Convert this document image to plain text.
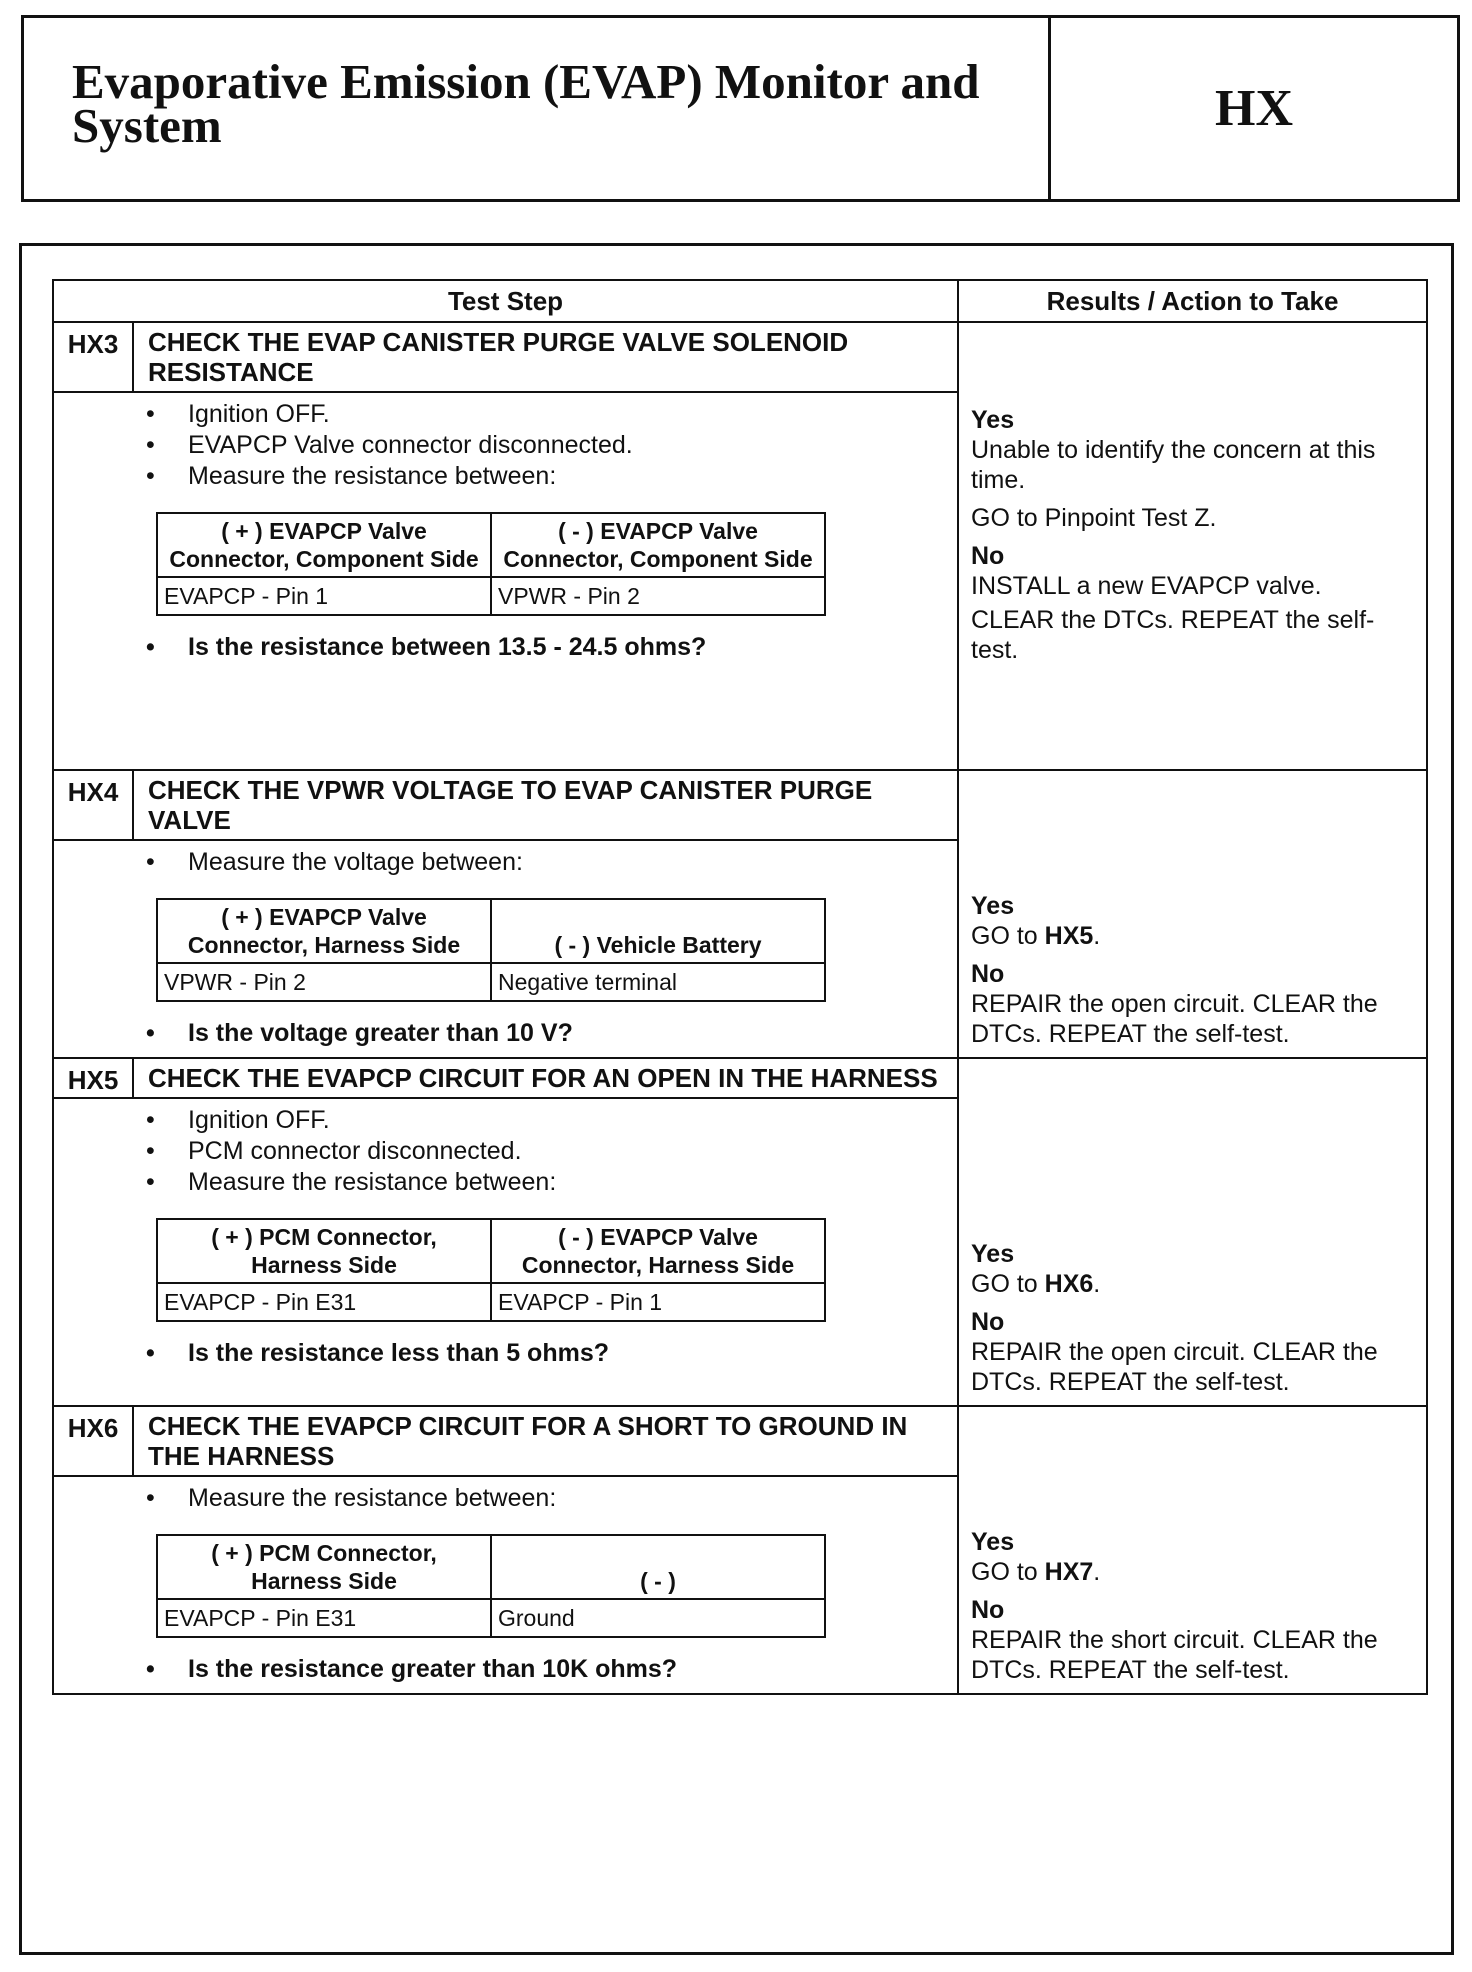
Evaporative Emission (EVAP) Monitor and System	HX
Test Step	Results / Action to Take

HX3	CHECK THE EVAP CANISTER PURGE VALVE SOLENOID RESISTANCE
• Ignition OFF.
• EVAPCP Valve connector disconnected.
• Measure the resistance between:
( + ) EVAPCP Valve Connector, Component Side	( - ) EVAPCP Valve Connector, Component Side
EVAPCP - Pin 1	VPWR - Pin 2
• Is the resistance between 13.5 - 24.5 ohms?

Yes
Unable to identify the concern at this time.
GO to Pinpoint Test Z.
No
INSTALL a new EVAPCP valve.
CLEAR the DTCs. REPEAT the self-test.

HX4	CHECK THE VPWR VOLTAGE TO EVAP CANISTER PURGE VALVE
• Measure the voltage between:
( + ) EVAPCP Valve Connector, Harness Side	( - ) Vehicle Battery
VPWR - Pin 2	Negative terminal
• Is the voltage greater than 10 V?

Yes
GO to HX5.
No
REPAIR the open circuit. CLEAR the DTCs. REPEAT the self-test.

HX5	CHECK THE EVAPCP CIRCUIT FOR AN OPEN IN THE HARNESS
• Ignition OFF.
• PCM connector disconnected.
• Measure the resistance between:
( + ) PCM Connector, Harness Side	( - ) EVAPCP Valve Connector, Harness Side
EVAPCP - Pin E31	EVAPCP - Pin 1
• Is the resistance less than 5 ohms?

Yes
GO to HX6.
No
REPAIR the open circuit. CLEAR the DTCs. REPEAT the self-test.

HX6	CHECK THE EVAPCP CIRCUIT FOR A SHORT TO GROUND IN THE HARNESS
• Measure the resistance between:
( + ) PCM Connector, Harness Side	( - )
EVAPCP - Pin E31	Ground
• Is the resistance greater than 10K ohms?

Yes
GO to HX7.
No
REPAIR the short circuit. CLEAR the DTCs. REPEAT the self-test.
